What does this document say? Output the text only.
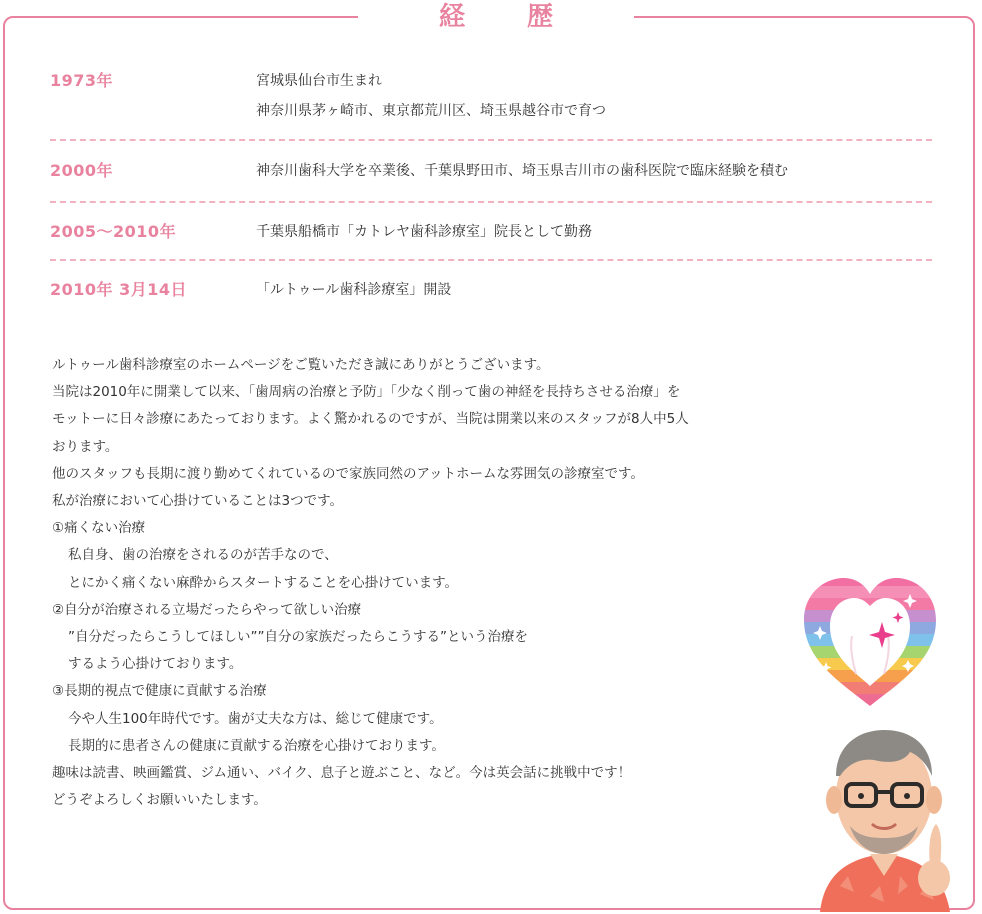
経　歴
1973年	宮城県仙台市生まれ
神奈川県茅ヶ崎市、東京都荒川区、埼玉県越谷市で育つ
2000年	神奈川歯科大学を卒業後、千葉県野田市、埼玉県吉川市の歯科医院で臨床経験を積む
2005～2010年	千葉県船橋市「カトレヤ歯科診療室」院長として勤務
2010年 3月14日	「ルトゥール歯科診療室」開設
ルトゥール歯科診療室のホームページをご覧いただき誠にありがとうございます。
当院は2010年に開業して以来、「歯周病の治療と予防」「少なく削って歯の神経を長持ちさせる治療」を
モットーに日々診療にあたっております。よく驚かれるのですが、当院は開業以来のスタッフが8人中5人
おります。
他のスタッフも長期に渡り勤めてくれているので家族同然のアットホームな雰囲気の診療室です。
私が治療において心掛けていることは3つです。
①痛くない治療
私自身、歯の治療をされるのが苦手なので、
とにかく痛くない麻酔からスタートすることを心掛けています。
②自分が治療される立場だったらやって欲しい治療
”自分だったらこうしてほしい””自分の家族だったらこうする”という治療を
するよう心掛けております。
③長期的視点で健康に貢献する治療
今や人生100年時代です。歯が丈夫な方は、総じて健康です。
長期的に患者さんの健康に貢献する治療を心掛けております。
趣味は読書、映画鑑賞、ジム通い、バイク、息子と遊ぶこと、など。今は英会話に挑戦中です！
どうぞよろしくお願いいたします。
